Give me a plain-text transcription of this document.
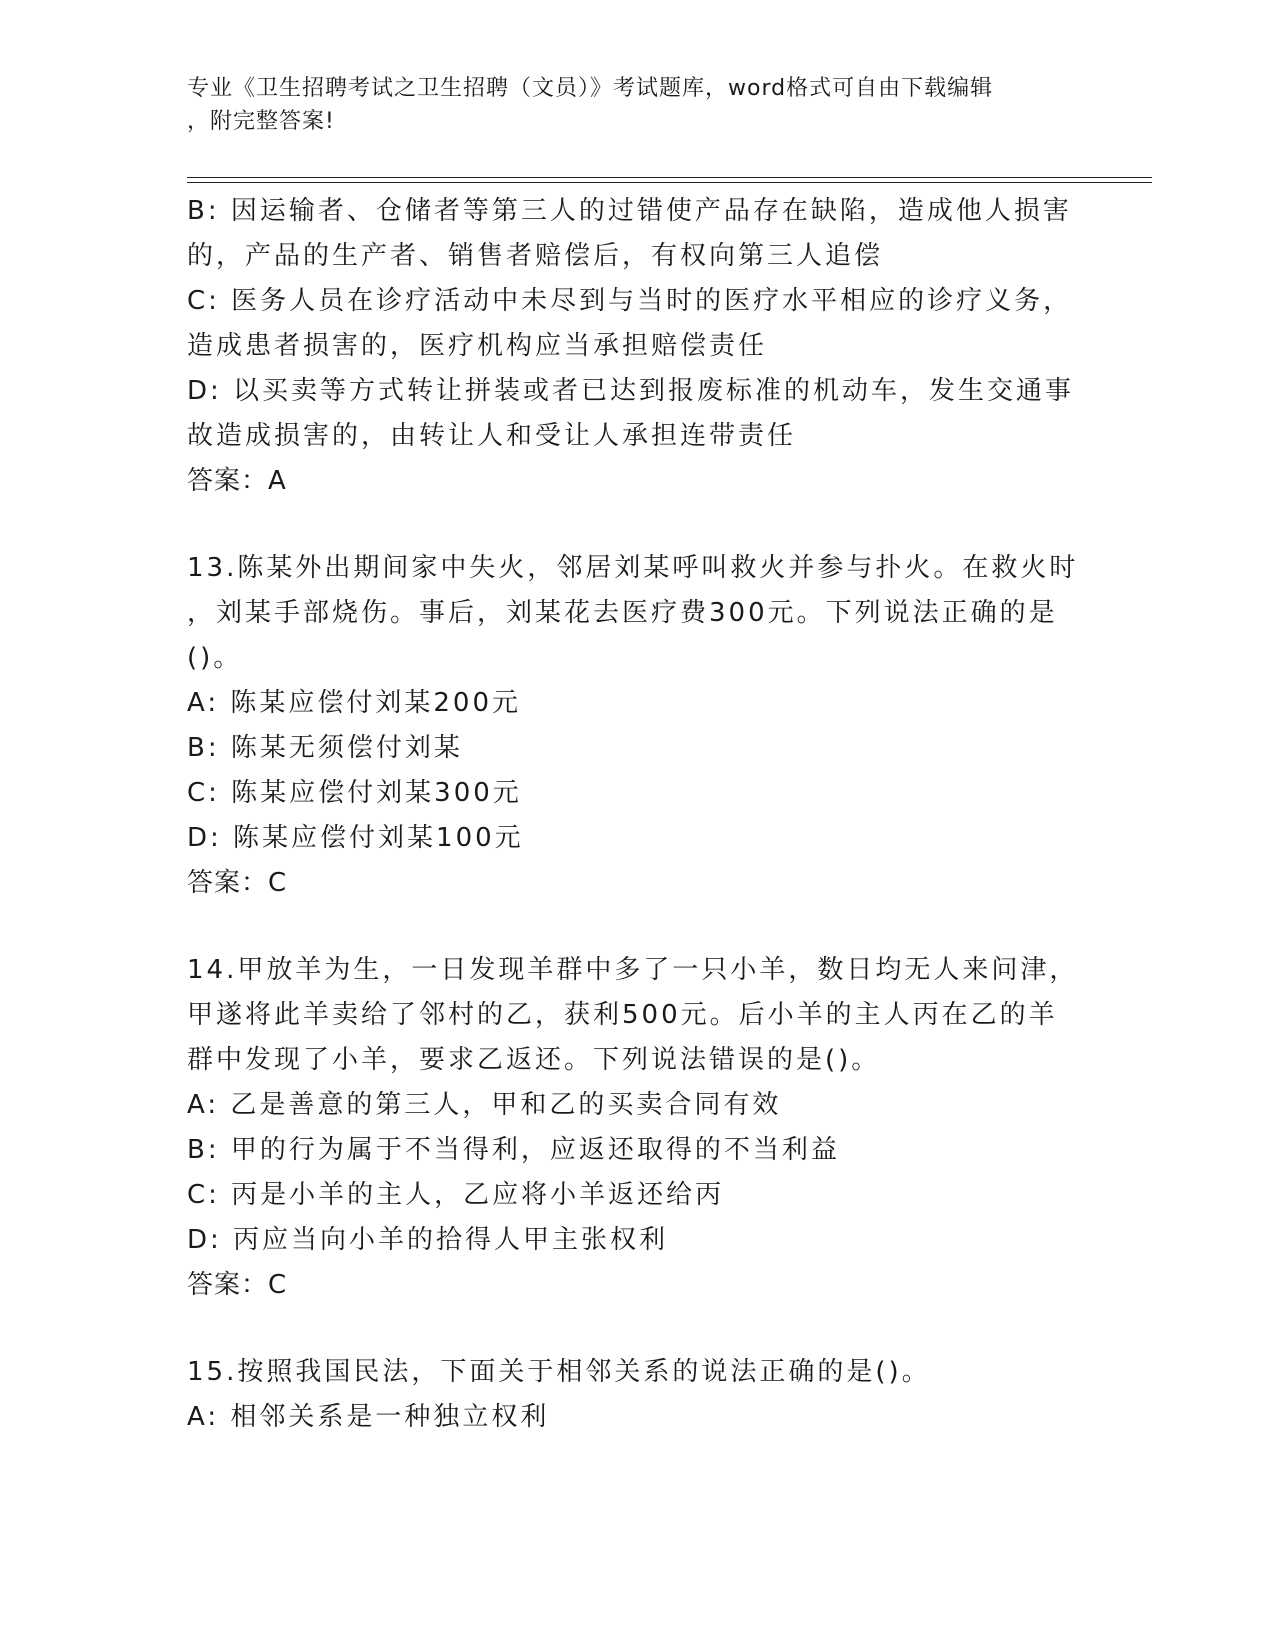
专业《卫生招聘考试之卫生招聘（文员）》考试题库，word格式可自由下载编辑
，附完整答案!
B: 因运输者、仓储者等第三人的过错使产品存在缺陷，造成他人损害
的，产品的生产者、销售者赔偿后，有权向第三人追偿
C: 医务人员在诊疗活动中未尽到与当时的医疗水平相应的诊疗义务，
造成患者损害的，医疗机构应当承担赔偿责任
D: 以买卖等方式转让拼装或者已达到报废标准的机动车，发生交通事
故造成损害的，由转让人和受让人承担连带责任
答案：A
13.陈某外出期间家中失火，邻居刘某呼叫救火并参与扑火。在救火时
，刘某手部烧伤。事后，刘某花去医疗费300元。下列说法正确的是
()。
A: 陈某应偿付刘某200元
B: 陈某无须偿付刘某
C: 陈某应偿付刘某300元
D: 陈某应偿付刘某100元
答案：C
14.甲放羊为生，一日发现羊群中多了一只小羊，数日均无人来问津，
甲遂将此羊卖给了邻村的乙，获利500元。后小羊的主人丙在乙的羊
群中发现了小羊，要求乙返还。下列说法错误的是()。
A: 乙是善意的第三人，甲和乙的买卖合同有效
B: 甲的行为属于不当得利，应返还取得的不当利益
C: 丙是小羊的主人，乙应将小羊返还给丙
D: 丙应当向小羊的拾得人甲主张权利
答案：C
15.按照我国民法，下面关于相邻关系的说法正确的是()。
A: 相邻关系是一种独立权利
